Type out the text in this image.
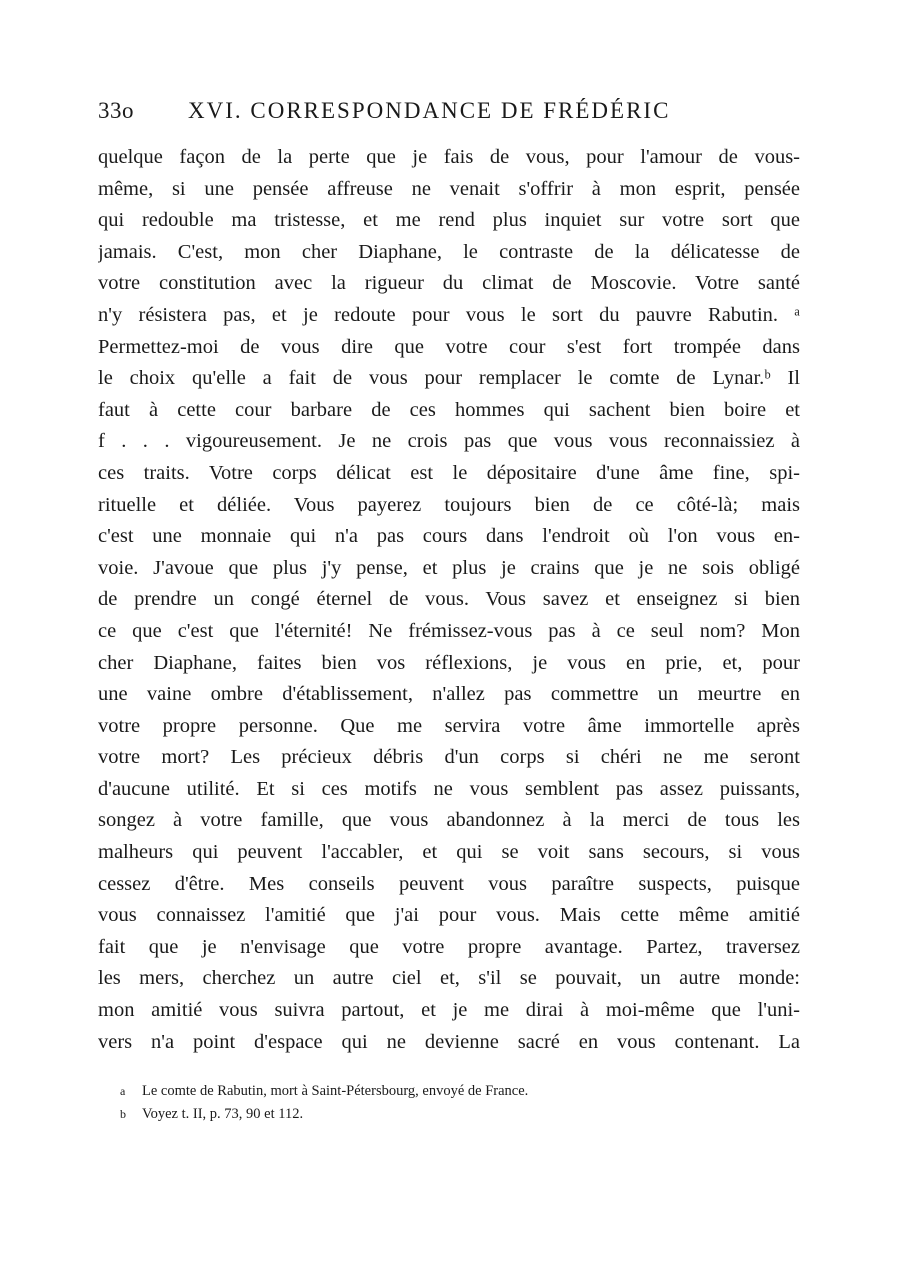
33o XVI. CORRESPONDANCE DE FRÉDÉRIC
quelque façon de la perte que je fais de vous, pour l'amour de vous-
même, si une pensée affreuse ne venait s'offrir à mon esprit, pensée
qui redouble ma tristesse, et me rend plus inquiet sur votre sort que
jamais. C'est, mon cher Diaphane, le contraste de la délicatesse de
votre constitution avec la rigueur du climat de Moscovie. Votre santé
n'y résistera pas, et je redoute pour vous le sort du pauvre Rabutin. ᵃ
Permettez-moi de vous dire que votre cour s'est fort trompée dans
le choix qu'elle a fait de vous pour remplacer le comte de Lynar.ᵇ Il
faut à cette cour barbare de ces hommes qui sachent bien boire et
f . . . vigoureusement. Je ne crois pas que vous vous reconnaissiez à
ces traits. Votre corps délicat est le dépositaire d'une âme fine, spi-
rituelle et déliée. Vous payerez toujours bien de ce côté-là; mais
c'est une monnaie qui n'a pas cours dans l'endroit où l'on vous en-
voie. J'avoue que plus j'y pense, et plus je crains que je ne sois obligé
de prendre un congé éternel de vous. Vous savez et enseignez si bien
ce que c'est que l'éternité! Ne frémissez-vous pas à ce seul nom? Mon
cher Diaphane, faites bien vos réflexions, je vous en prie, et, pour
une vaine ombre d'établissement, n'allez pas commettre un meurtre en
votre propre personne. Que me servira votre âme immortelle après
votre mort? Les précieux débris d'un corps si chéri ne me seront
d'aucune utilité. Et si ces motifs ne vous semblent pas assez puissants,
songez à votre famille, que vous abandonnez à la merci de tous les
malheurs qui peuvent l'accabler, et qui se voit sans secours, si vous
cessez d'être. Mes conseils peuvent vous paraître suspects, puisque
vous connaissez l'amitié que j'ai pour vous. Mais cette même amitié
fait que je n'envisage que votre propre avantage. Partez, traversez
les mers, cherchez un autre ciel et, s'il se pouvait, un autre monde:
mon amitié vous suivra partout, et je me dirai à moi-même que l'uni-
vers n'a point d'espace qui ne devienne sacré en vous contenant. La
a Le comte de Rabutin, mort à Saint-Pétersbourg, envoyé de France.
b Voyez t. II, p. 73, 90 et 112.
